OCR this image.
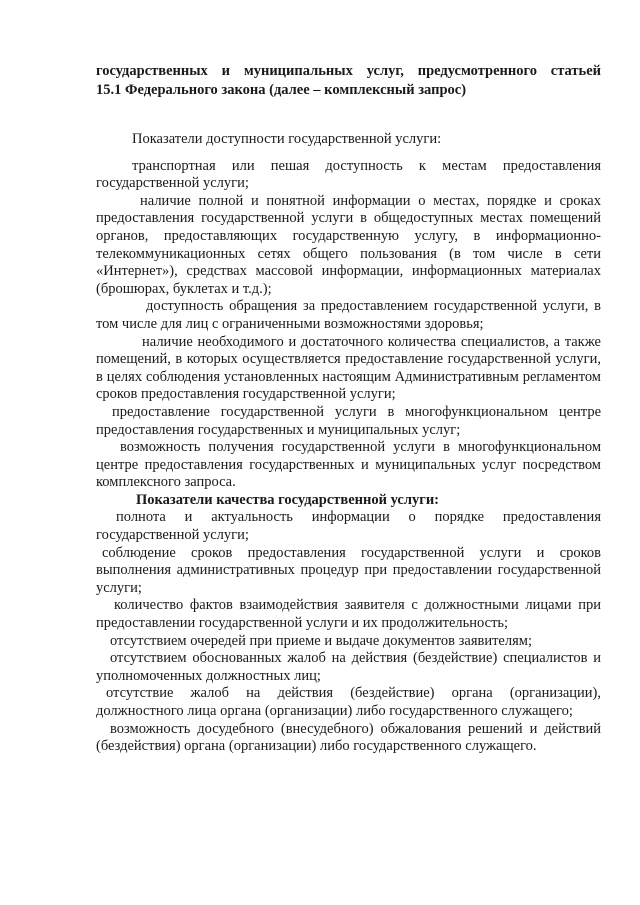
государственных и муниципальных услуг, предусмотренного статьей
15.1 Федерального закона (далее – комплексный запрос)

Показатели доступности государственной услуги:

транспортная или пешая доступность к местам предоставления государственной услуги;

наличие полной и понятной информации о местах, порядке и сроках предоставления государственной услуги в общедоступных местах помещений органов, предоставляющих государственную услугу, в информационно-телекоммуникационных сетях общего пользования (в том числе в сети «Интернет»), средствах массовой информации, информационных материалах (брошюрах, буклетах и т.д.);

доступность обращения за предоставлением государственной услуги, в том числе для лиц с ограниченными возможностями здоровья;

наличие необходимого и достаточного количества специалистов, а также помещений, в которых осуществляется предоставление государственной услуги, в целях соблюдения установленных настоящим Административным регламентом сроков предоставления государственной услуги;

предоставление государственной услуги в многофункциональном центре предоставления государственных и муниципальных услуг;

возможность получения государственной услуги в многофункциональном центре предоставления государственных и муниципальных услуг посредством комплексного запроса.

Показатели качества государственной услуги:

полнота и актуальность информации о порядке предоставления государственной услуги;

соблюдение сроков предоставления государственной услуги и сроков выполнения административных процедур при предоставлении государственной услуги;

количество фактов взаимодействия заявителя с должностными лицами при предоставлении государственной услуги и их продолжительность;

отсутствием очередей при приеме и выдаче документов заявителям;

отсутствием обоснованных жалоб на действия (бездействие) специалистов и уполномоченных должностных лиц;

отсутствие жалоб на действия (бездействие) органа (организации), должностного лица органа (организации) либо государственного служащего;

возможность досудебного (внесудебного) обжалования решений и действий (бездействия) органа (организации) либо государственного служащего.
